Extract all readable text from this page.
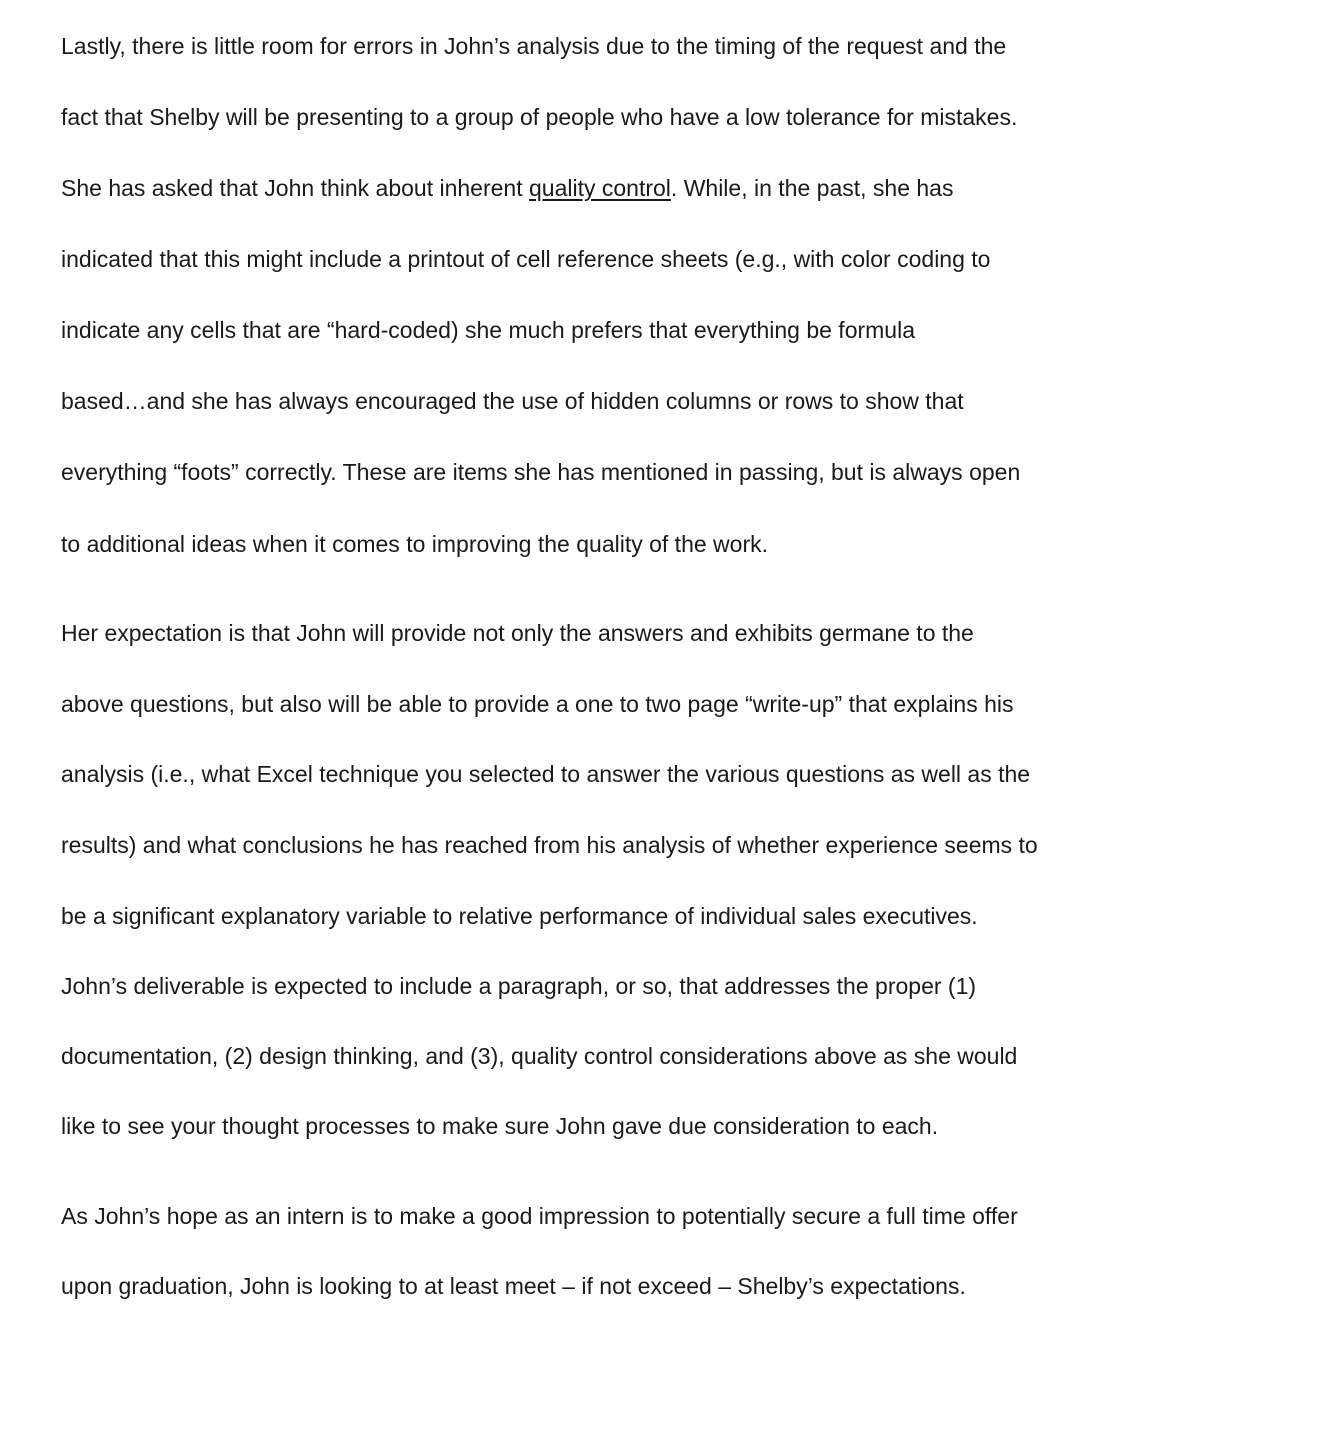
Lastly, there is little room for errors in John’s analysis due to the timing of the request and the
fact that Shelby will be presenting to a group of people who have a low tolerance for mistakes.
She has asked that John think about inherent quality control. While, in the past, she has
indicated that this might include a printout of cell reference sheets (e.g., with color coding to
indicate any cells that are “hard-coded) she much prefers that everything be formula
based…and she has always encouraged the use of hidden columns or rows to show that
everything “foots” correctly. These are items she has mentioned in passing, but is always open
to additional ideas when it comes to improving the quality of the work.
Her expectation is that John will provide not only the answers and exhibits germane to the
above questions, but also will be able to provide a one to two page “write-up” that explains his
analysis (i.e., what Excel technique you selected to answer the various questions as well as the
results) and what conclusions he has reached from his analysis of whether experience seems to
be a significant explanatory variable to relative performance of individual sales executives.
John’s deliverable is expected to include a paragraph, or so, that addresses the proper (1)
documentation, (2) design thinking, and (3), quality control considerations above as she would
like to see your thought processes to make sure John gave due consideration to each.
As John’s hope as an intern is to make a good impression to potentially secure a full time offer
upon graduation, John is looking to at least meet – if not exceed – Shelby’s expectations.
